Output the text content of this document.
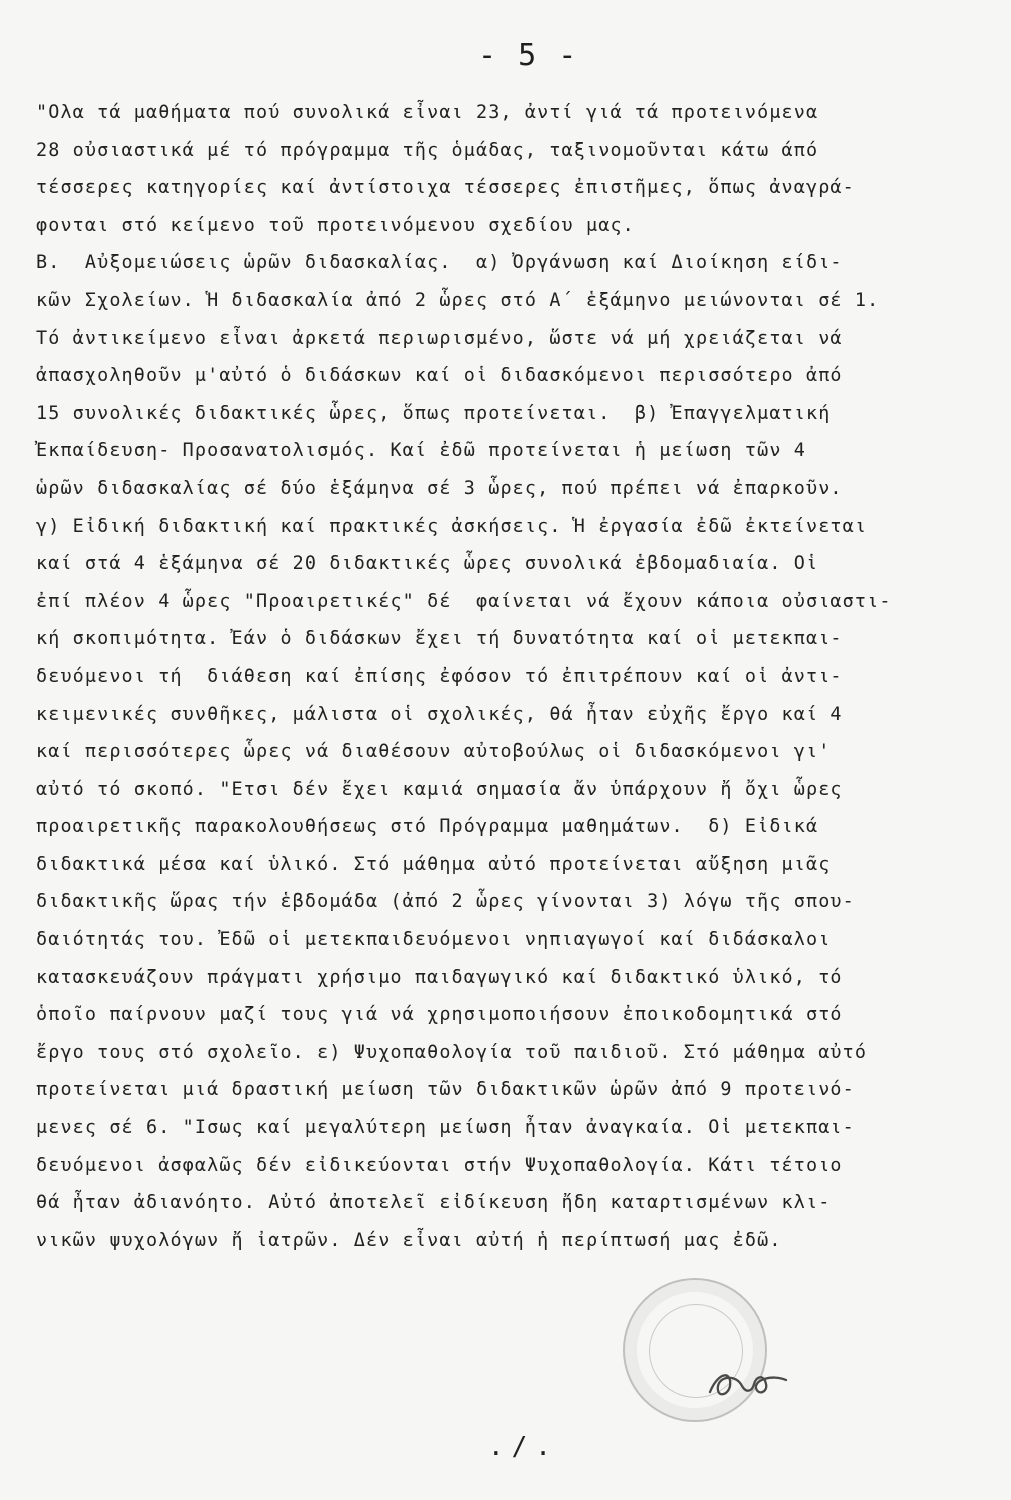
- 5 -
"Ολα τά μαθήματα πού συνολικά εἶναι 23, ἀντί γιά τά προτεινόμενα
28 οὐσιαστικά μέ τό πρόγραμμα τῆς ὁμάδας, ταξινομοῦνται κάτω άπό
τέσσερες κατηγορίες καί ἀντίστοιχα τέσσερες ἐπιστῆμες, ὅπως ἀναγρά-
φονται στό κείμενο τοῦ προτεινόμενου σχεδίου μας.
Β.  Αὐξομειώσεις ὡρῶν διδασκαλίας.  α) Ὀργάνωση καί Διοίκηση είδι-
κῶν Σχολείων. Ἡ διδασκαλία ἀπό 2 ὧρες στό Α΄ ἑξάμηνο μειώνονται σέ 1.
Τό ἀντικείμενο εἶναι ἀρκετά περιωρισμένο, ὥστε νά μή χρειάζεται νά
ἀπασχοληθοῦν μ'αὐτό ὁ διδάσκων καί οἱ διδασκόμενοι περισσότερο ἀπό
15 συνολικές διδακτικές ὧρες, ὅπως προτείνεται.  β) Ἐπαγγελματική
Ἐκπαίδευση- Προσανατολισμός. Καί ἐδῶ προτείνεται ἡ μείωση τῶν 4
ὡρῶν διδασκαλίας σέ δύο ἑξάμηνα σέ 3 ὧρες, πού πρέπει νά ἐπαρκοῦν.
γ) Εἰδική διδακτική καί πρακτικές ἀσκήσεις. Ἡ ἐργασία ἐδῶ ἐκτείνεται
καί στά 4 ἑξάμηνα σέ 20 διδακτικές ὧρες συνολικά ἑβδομαδιαία. Οἱ
ἐπί πλέον 4 ὧρες "Προαιρετικές" δέ  φαίνεται νά ἔχουν κάποια οὐσιαστι-
κή σκοπιμότητα. Ἐάν ὁ διδάσκων ἔχει τή δυνατότητα καί οἱ μετεκπαι-
δευόμενοι τή  διάθεση καί ἐπίσης ἐφόσον τό ἐπιτρέπουν καί οἱ ἀντι-
κειμενικές συνθῆκες, μάλιστα οἱ σχολικές, θά ἦταν εὐχῆς ἔργο καί 4
καί περισσότερες ὧρες νά διαθέσουν αὐτοβούλως οἱ διδασκόμενοι γι'
αὐτό τό σκοπό. "Ετσι δέν ἔχει καμιά σημασία ἄν ὑπάρχουν ἤ ὄχι ὧρες
προαιρετικῆς παρακολουθήσεως στό Πρόγραμμα μαθημάτων.  δ) Εἰδικά
διδακτικά μέσα καί ὑλικό. Στό μάθημα αὐτό προτείνεται αὔξηση μιᾶς
διδακτικῆς ὥρας τήν ἑβδομάδα (ἀπό 2 ὧρες γίνονται 3) λόγω τῆς σπου-
δαιότητάς του. Ἐδῶ οἱ μετεκπαιδευόμενοι νηπιαγωγοί καί διδάσκαλοι
κατασκευάζουν πράγματι χρήσιμο παιδαγωγικό καί διδακτικό ὑλικό, τό
ὁποῖο παίρνουν μαζί τους γιά νά χρησιμοποιήσουν ἐποικοδομητικά στό
ἔργο τους στό σχολεῖο. ε) Ψυχοπαθολογία τοῦ παιδιοῦ. Στό μάθημα αὐτό
προτείνεται μιά δραστική μείωση τῶν διδακτικῶν ὡρῶν ἀπό 9 προτεινό-
μενες σέ 6. "Ισως καί μεγαλύτερη μείωση ἦταν ἀναγκαία. Οἱ μετεκπαι-
δευόμενοι ἀσφαλῶς δέν εἰδικεύονται στήν Ψυχοπαθολογία. Κάτι τέτοιο
θά ἦταν ἀδιανόητο. Αὐτό ἀποτελεῖ εἰδίκευση ἤδη καταρτισμένων κλι-
νικῶν ψυχολόγων ἤ ἰατρῶν. Δέν εἶναι αὐτή ἡ περίπτωσή μας ἐδῶ.
./.
